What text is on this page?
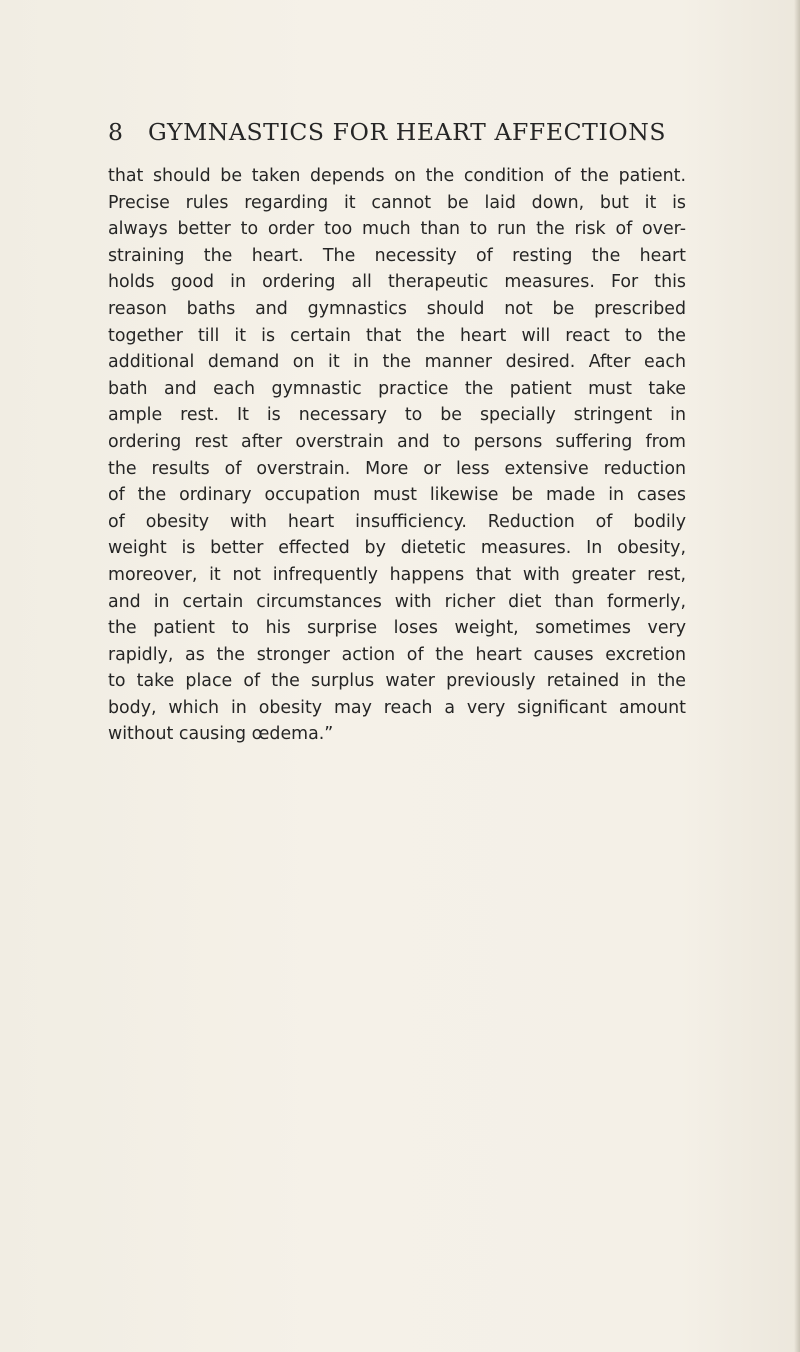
8 GYMNASTICS FOR HEART AFFECTIONS
that should be taken depends on the condition of the patient.
Precise rules regarding it cannot be laid down, but it is
always better to order too much than to run the risk of over-
straining the heart. The necessity of resting the heart
holds good in ordering all therapeutic measures. For this
reason baths and gymnastics should not be prescribed
together till it is certain that the heart will react to the
additional demand on it in the manner desired. After each
bath and each gymnastic practice the patient must take
ample rest. It is necessary to be specially stringent in
ordering rest after overstrain and to persons suffering from
the results of overstrain. More or less extensive reduction
of the ordinary occupation must likewise be made in cases
of obesity with heart insufficiency. Reduction of bodily
weight is better effected by dietetic measures. In obesity,
moreover, it not infrequently happens that with greater rest,
and in certain circumstances with richer diet than formerly,
the patient to his surprise loses weight, sometimes very
rapidly, as the stronger action of the heart causes excretion
to take place of the surplus water previously retained in the
body, which in obesity may reach a very significant amount
without causing œdema.”
